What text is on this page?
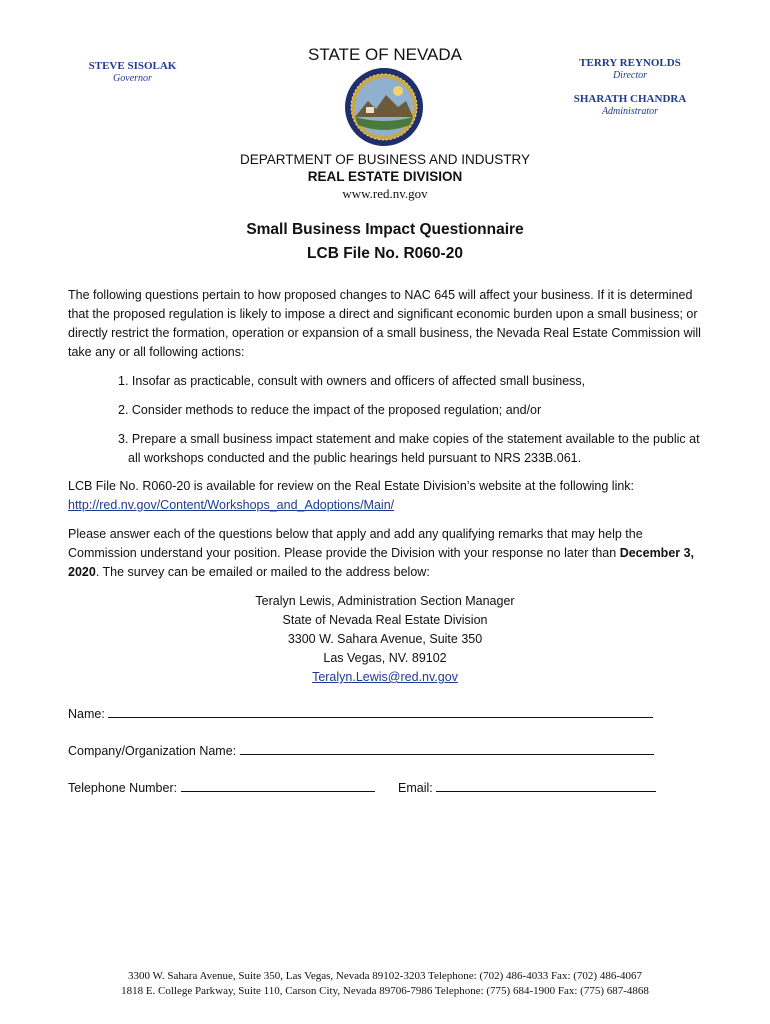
STEVE SISOLAK
Governor
STATE OF NEVADA	TERRY REYNOLDS
Director
SHARATH CHANDRA
Administrator
DEPARTMENT OF BUSINESS AND INDUSTRY
REAL ESTATE DIVISION
www.red.nv.gov
Small Business Impact Questionnaire
LCB File No. R060-20
The following questions pertain to how proposed changes to NAC 645 will affect your business. If it is determined that the proposed regulation is likely to impose a direct and significant economic burden upon a small business; or directly restrict the formation, operation or expansion of a small business, the Nevada Real Estate Commission will take any or all following actions:
1. Insofar as practicable, consult with owners and officers of affected small business,
2. Consider methods to reduce the impact of the proposed regulation; and/or
3. Prepare a small business impact statement and make copies of the statement available to the public at all workshops conducted and the public hearings held pursuant to NRS 233B.061.
LCB File No. R060-20 is available for review on the Real Estate Division’s website at the following link:
http://red.nv.gov/Content/Workshops_and_Adoptions/Main/
Please answer each of the questions below that apply and add any qualifying remarks that may help the Commission understand your position. Please provide the Division with your response no later than December 3, 2020. The survey can be emailed or mailed to the address below:
Teralyn Lewis, Administration Section Manager
State of Nevada Real Estate Division
3300 W. Sahara Avenue, Suite 350
Las Vegas, NV. 89102
Teralyn.Lewis@red.nv.gov
Name:
Company/Organization Name:
Telephone Number:	Email:
3300 W. Sahara Avenue, Suite 350, Las Vegas, Nevada 89102-3203 Telephone: (702) 486-4033 Fax: (702) 486-4067
1818 E. College Parkway, Suite 110, Carson City, Nevada 89706-7986 Telephone: (775) 684-1900 Fax: (775) 687-4868
